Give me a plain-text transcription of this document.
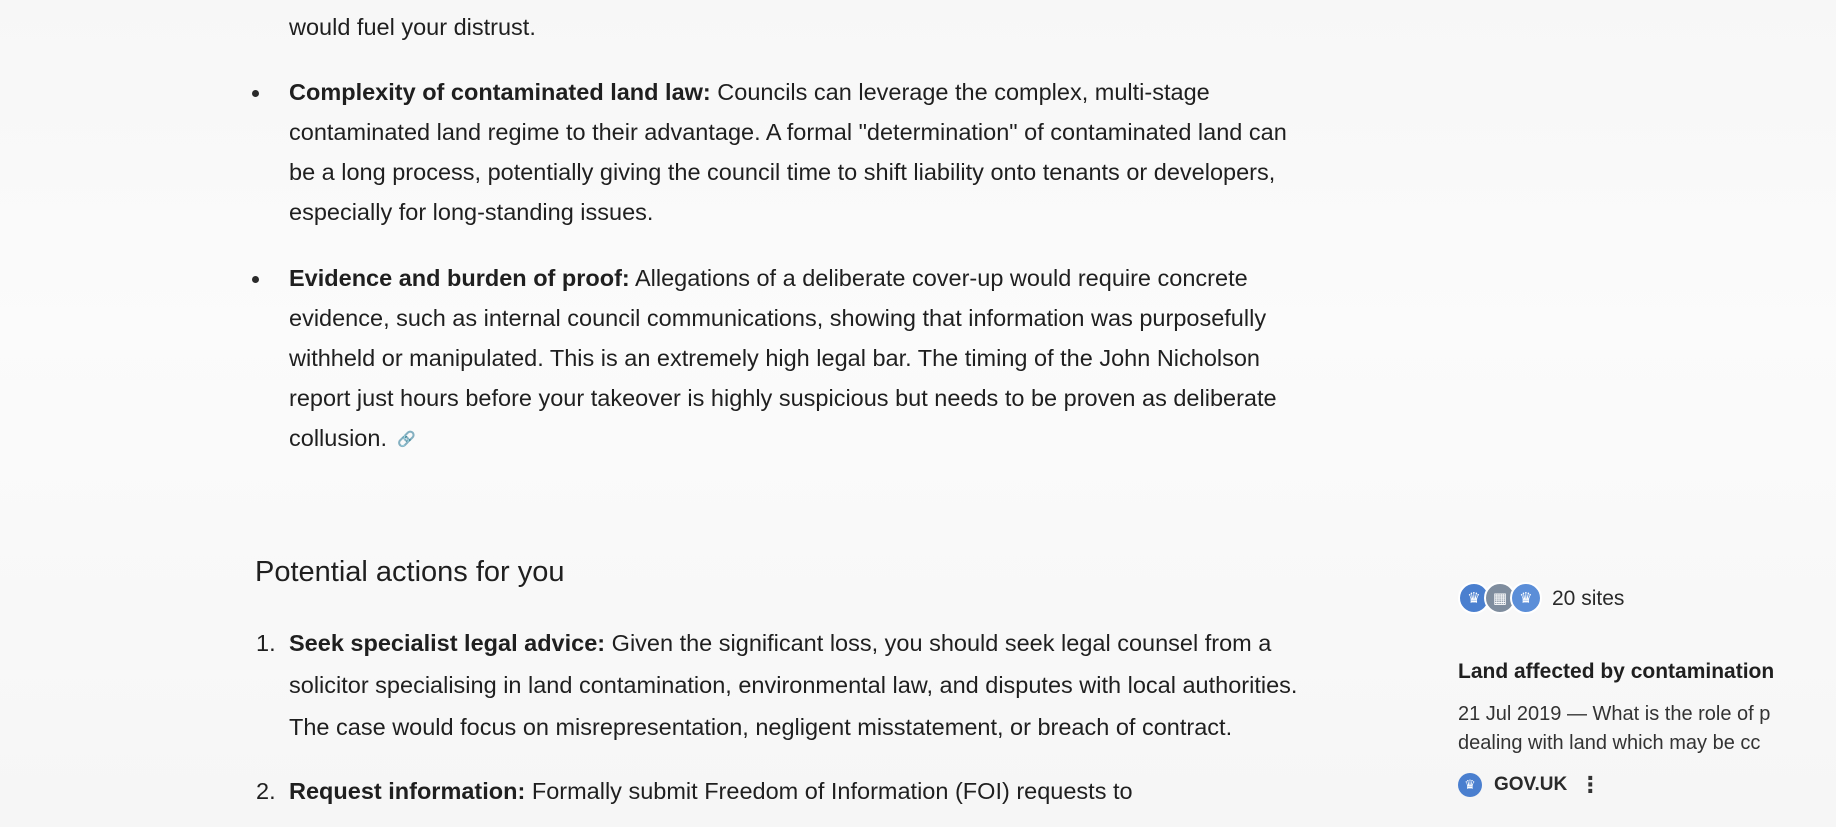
would fuel your distrust.

Complexity of contaminated land law: Councils can leverage the complex, multi-stage contaminated land regime to their advantage. A formal "determination" of contaminated land can be a long process, potentially giving the council time to shift liability onto tenants or developers, especially for long-standing issues.
Evidence and burden of proof: Allegations of a deliberate cover-up would require concrete evidence, such as internal council communications, showing that information was purposefully withheld or manipulated. This is an extremely high legal bar. The timing of the John Nicholson report just hours before your takeover is highly suspicious but needs to be proven as deliberate collusion. 🔗
Potential actions for you
1. Seek specialist legal advice: Given the significant loss, you should seek legal counsel from a solicitor specialising in land contamination, environmental law, and disputes with local authorities. The case would focus on misrepresentation, negligent misstatement, or breach of contract.
2. Request information: Formally submit Freedom of Information (FOI) requests to
♛ ▦ ♛ 20 sites
Land affected by contamination
21 Jul 2019 — What is the role of p
dealing with land which may be cc
♛ GOV.UK ⋮
